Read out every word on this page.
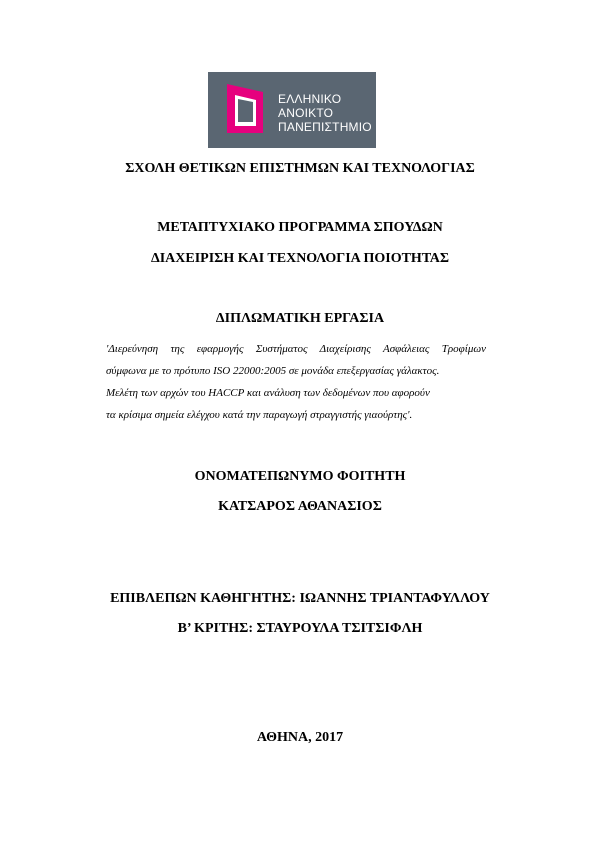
ΕΛΛΗΝΙΚΟ
ΑΝΟΙΚΤΟ
ΠΑΝΕΠΙΣΤΗΜΙΟ
ΣΧΟΛΗ ΘΕΤΙΚΩΝ ΕΠΙΣΤΗΜΩΝ ΚΑΙ ΤΕΧΝΟΛΟΓΙΑΣ
ΜΕΤΑΠΤΥΧΙΑΚΟ ΠΡΟΓΡΑΜΜΑ ΣΠΟΥΔΩΝ
ΔΙΑΧΕΙΡΙΣΗ ΚΑΙ ΤΕΧΝΟΛΟΓΙΑ ΠΟΙΟΤΗΤΑΣ
ΔΙΠΛΩΜΑΤΙΚΗ ΕΡΓΑΣΙΑ
'Διερεύνηση της εφαρμογής Συστήματος Διαχείρισης Ασφάλειας Τροφίμων
σύμφωνα με το πρότυπο ISO 22000:2005 σε μονάδα επεξεργασίας γάλακτος.
Μελέτη των αρχών του HACCP και ανάλυση των δεδομένων που αφορούν
τα κρίσιμα σημεία ελέγχου κατά την παραγωγή στραγγιστής γιαούρτης'.
ΟΝΟΜΑΤΕΠΩΝΥΜΟ ΦΟΙΤΗΤΗ
ΚΑΤΣΑΡΟΣ ΑΘΑΝΑΣΙΟΣ
ΕΠΙΒΛΕΠΩΝ ΚΑΘΗΓΗΤΗΣ: ΙΩΑΝΝΗΣ ΤΡΙΑΝΤΑΦΥΛΛΟΥ
Β’ ΚΡΙΤΗΣ: ΣΤΑΥΡΟΥΛΑ ΤΣΙΤΣΙΦΛΗ
ΑΘΗΝΑ, 2017
